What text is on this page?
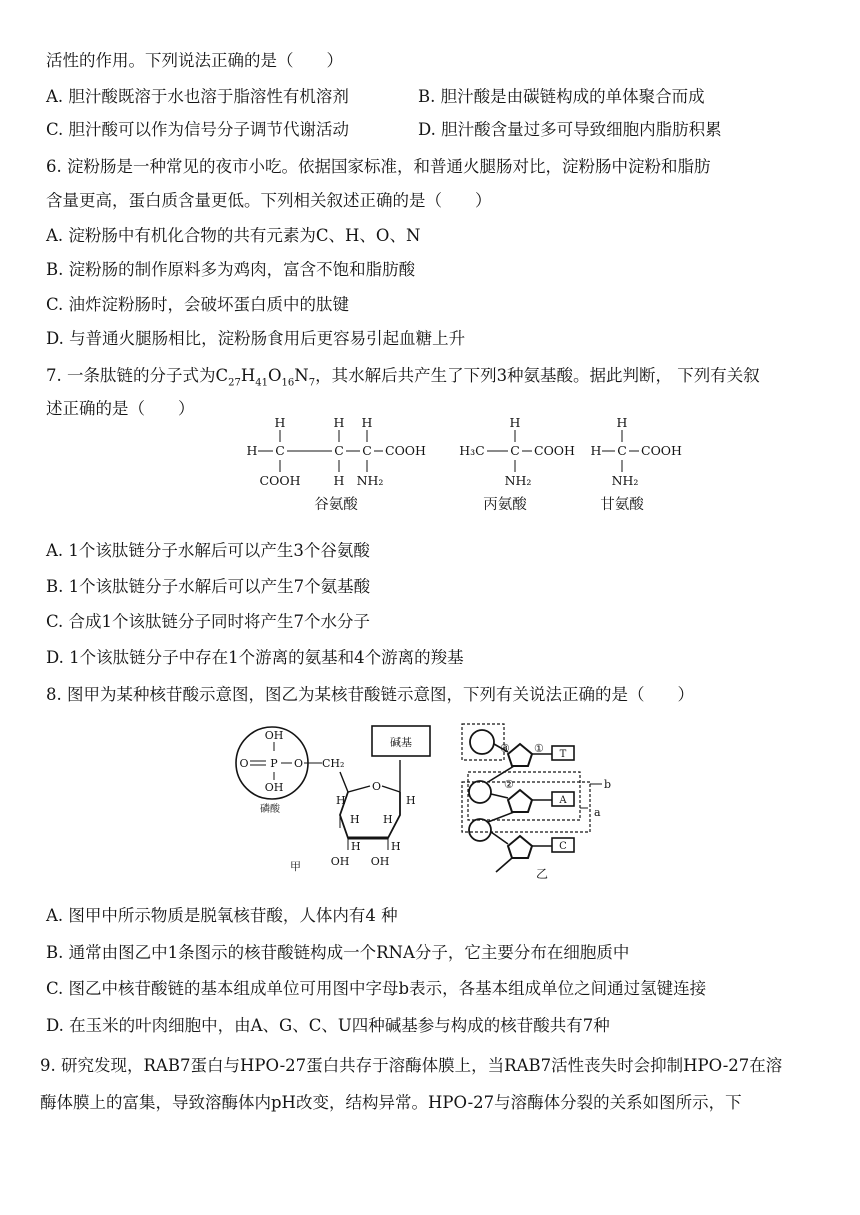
活性的作用。下列说法正确的是（　　）
A. 胆汁酸既溶于水也溶于脂溶性有机溶剂	B. 胆汁酸是由碳链构成的单体聚合而成
C. 胆汁酸可以作为信号分子调节代谢活动	D. 胆汁酸含量过多可导致细胞内脂肪积累
6. 淀粉肠是一种常见的夜市小吃。依据国家标准，和普通火腿肠对比，淀粉肠中淀粉和脂肪
含量更高，蛋白质含量更低。下列相关叙述正确的是（　　）
A. 淀粉肠中有机化合物的共有元素为C、H、O、N
B. 淀粉肠的制作原料多为鸡肉，富含不饱和脂肪酸
C. 油炸淀粉肠时，会破坏蛋白质中的肽键
D. 与普通火腿肠相比，淀粉肠食用后更容易引起血糖上升
7. 一条肽链的分子式为$C_{27}H_{41}O_{16}N_7$，其水解后共产生了下列3种氨基酸。据此判断， 下列有关叙
述正确的是（　　）
H	H H
H C	C C COOH
COOH	H NH₂
谷氨酸
H
H₃C C COOH
NH₂
丙氨酸
H
H C COOH
NH₂
甘氨酸
A. 1个该肽链分子水解后可以产生3个谷氨酸
B. 1个该肽链分子水解后可以产生7个氨基酸
C. 合成1个该肽链分子同时将产生7个水分子
D. 1个该肽链分子中存在1个游离的氨基和4个游离的羧基
8. 图甲为某种核苷酸示意图，图乙为某核苷酸链示意图，下列有关说法正确的是（　　）
OH
O P O
OH
磷酸
CH₂
O
碱基
H
H H
H
H	H
OH OH
甲
b
a
T
A
C
③ ①
②
乙
A. 图甲中所示物质是脱氧核苷酸，人体内有4 种
B. 通常由图乙中1条图示的核苷酸链构成一个RNA分子，它主要分布在细胞质中
C. 图乙中核苷酸链的基本组成单位可用图中字母b表示，各基本组成单位之间通过氢键连接
D. 在玉米的叶肉细胞中，由A、G、C、U四种碱基参与构成的核苷酸共有7种
9. 研究发现，RAB7蛋白与HPO-27蛋白共存于溶酶体膜上，当RAB7活性丧失时会抑制HPO-27在溶
酶体膜上的富集，导致溶酶体内pH改变，结构异常。HPO-27与溶酶体分裂的关系如图所示，下
